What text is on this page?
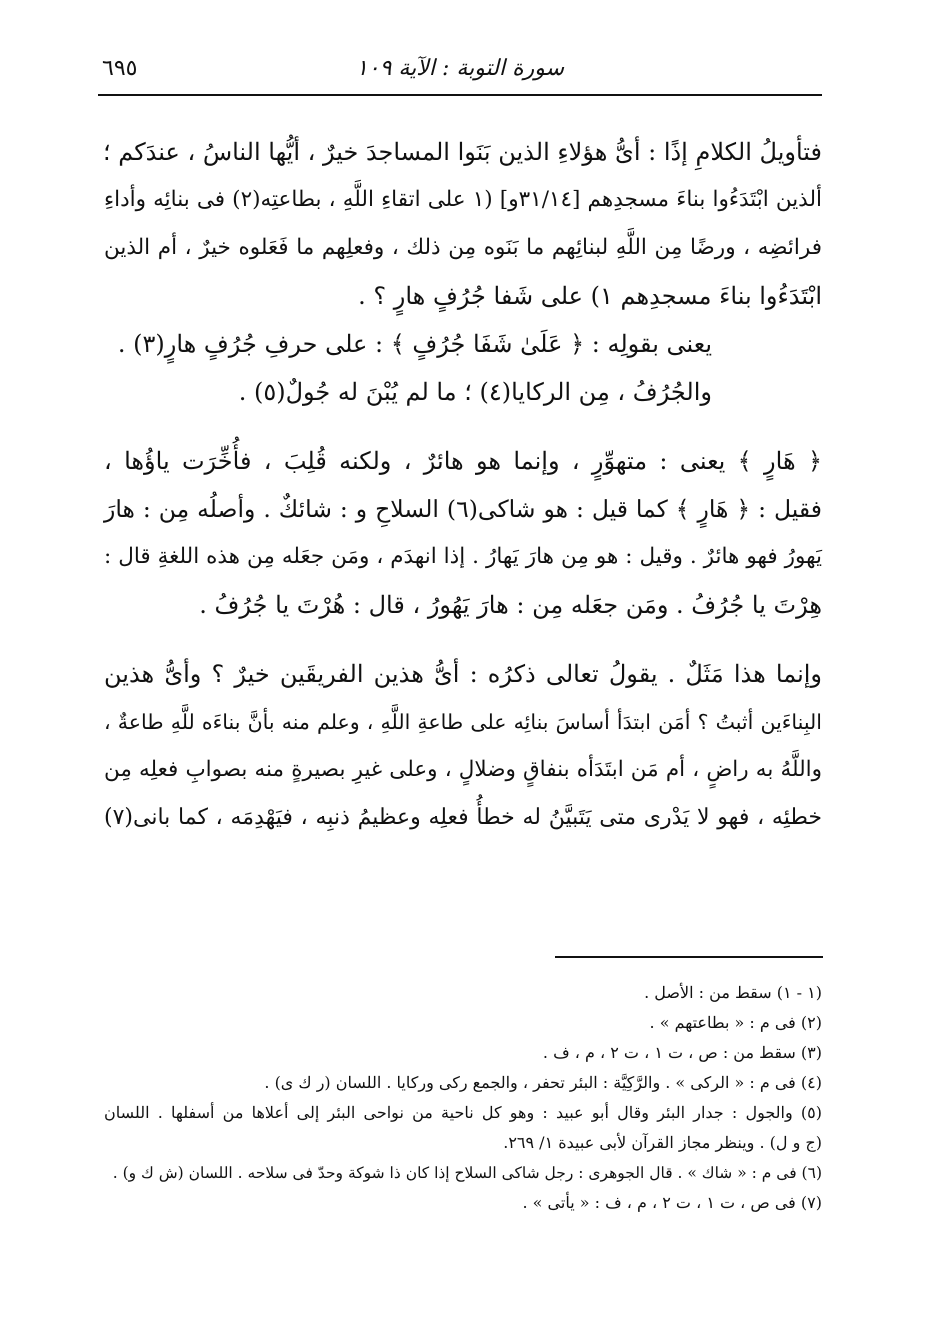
٦٩٥	سورة التوبة : الآية ١٠٩
فتأويلُ الكلامِ إذًا : أىُّ هؤلاءِ الذين بَنَوا المساجدَ خيرٌ ، أيُّها الناسُ ، عندَكم ؛
ألذين ابْتَدَءُوا بناءَ مسجدِهم [٣١/١٤و] (١ على اتقاءِ اللَّهِ ، بطاعتِه(٢) فى بنائِه وأداءِ
فرائضِه ، ورضًا مِن اللَّهِ لبنائِهم ما بَنَوه مِن ذلك ، وفعلِهم ما فَعَلوه خيرٌ ، أم الذين
ابْتَدَءُوا بناءَ مسجدِهم ١) على شَفا جُرُفٍ هارٍ ؟ .
يعنى بقولِه : ﴿ عَلَىٰ شَفَا جُرُفٍ ﴾ : على حرفِ جُرُفٍ هارٍ(٣) .
والجُرُفُ ، مِن الركايا(٤) ؛ ما لم يُبْنَ له جُولٌ(٥) .
﴿ هَارٍ ﴾ يعنى : متهوِّرٍ ، وإنما هو هائرٌ ، ولكنه قُلِبَ ، فأُخِّرَت ياؤُها ،
فقيل : ﴿ هَارٍ ﴾ كما قيل : هو شاكى(٦) السلاحِ و : شائكٌ . وأصلُه مِن : هارَ
يَهورُ فهو هائرٌ . وقيل : هو مِن هارَ يَهارُ . إذا انهدَم ، ومَن جعَله مِن هذه اللغةِ قال :
هِرْتَ يا جُرُفُ . ومَن جعَله مِن : هارَ يَهُورُ ، قال : هُرْتَ يا جُرُفُ .
وإنما هذا مَثَلٌ . يقولُ تعالى ذكرُه : أىُّ هذين الفريقَين خيرٌ ؟ وأىُّ هذين
البِناءَين أثبتُ ؟ أمَن ابتدَأ أساسَ بنائِه على طاعةِ اللَّهِ ، وعلم منه بأنَّ بناءَه للَّهِ طاعةٌ ،
واللَّهُ به راضٍ ، أم مَن ابتَدَأه بنفاقٍ وضلالٍ ، وعلى غيرِ بصيرةٍ منه بصوابِ فعلِه مِن
خطئِه ، فهو لا يَدْرى متى يَتَبيَّنُ له خطأُ فعلِه وعظيمُ ذنبِه ، فيَهْدِمَه ، كما بانى(٧)
(١ - ١) سقط من : الأصل .
(٢) فى م : « بطاعتهم » .
(٣) سقط من : ص ، ت ١ ، ت ٢ ، م ، ف .
(٤) فى م : « الركى » . والرَّكِيَّة : البئر تحفر ، والجمع ركى وركايا . اللسان (ر ك ى) .
(٥) والجول : جدار البئر وقال أبو عبيد : وهو كل ناحية من نواحى البئر إلى أعلاها من أسفلها . اللسان
(ج و ل) . وينظر مجاز القرآن لأبى عبيدة ١/ ٢٦٩.
(٦) فى م : « شاك » . قال الجوهرى : رجل شاكى السلاح إذا كان ذا شوكة وحدّ فى سلاحه . اللسان (ش ك و) .
(٧) فى ص ، ت ١ ، ت ٢ ، م ، ف : « يأتى » .
